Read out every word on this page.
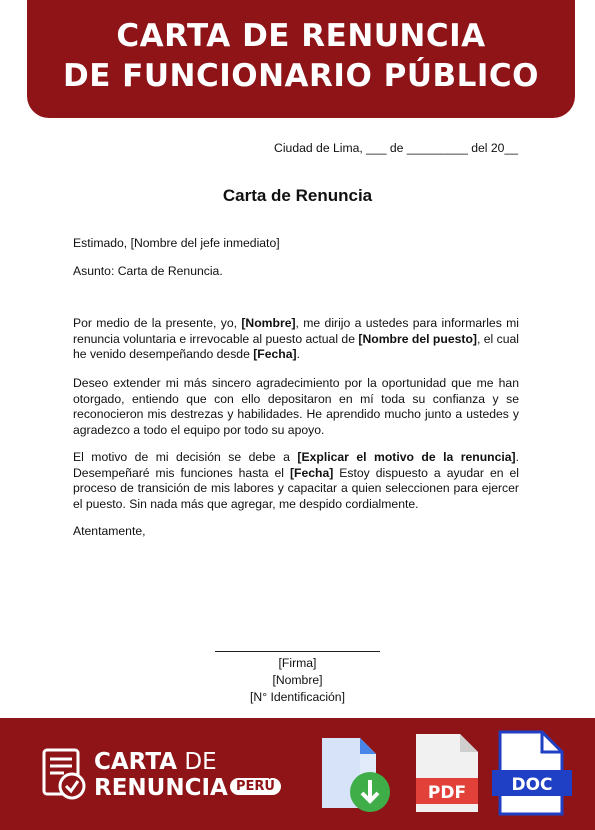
CARTA DE RENUNCIA
DE FUNCIONARIO PÚBLICO
Ciudad de Lima, ___ de _________ del 20__
Carta de Renuncia
Estimado, [Nombre del jefe inmediato]
Asunto: Carta de Renuncia.
Por medio de la presente, yo, [Nombre], me dirijo a ustedes para informarles mi renuncia voluntaria e irrevocable al puesto actual de [Nombre del puesto], el cual he venido desempeñando desde [Fecha].
Deseo extender mi más sincero agradecimiento por la oportunidad que me han otorgado, entiendo que con ello depositaron en mí toda su confianza y se reconocieron mis destrezas y habilidades. He aprendido mucho junto a ustedes y agradezco a todo el equipo por todo su apoyo.
El motivo de mi decisión se debe a [Explicar el motivo de la renuncia]. Desempeñaré mis funciones hasta el [Fecha] Estoy dispuesto a ayudar en el proceso de transición de mis labores y capacitar a quien seleccionen para ejercer el puesto. Sin nada más que agregar, me despido cordialmente.
Atentamente,
[Firma]
[Nombre]
[N° Identificación]
CARTA DE
RENUNCIA PERÚ	PDF	DOC
